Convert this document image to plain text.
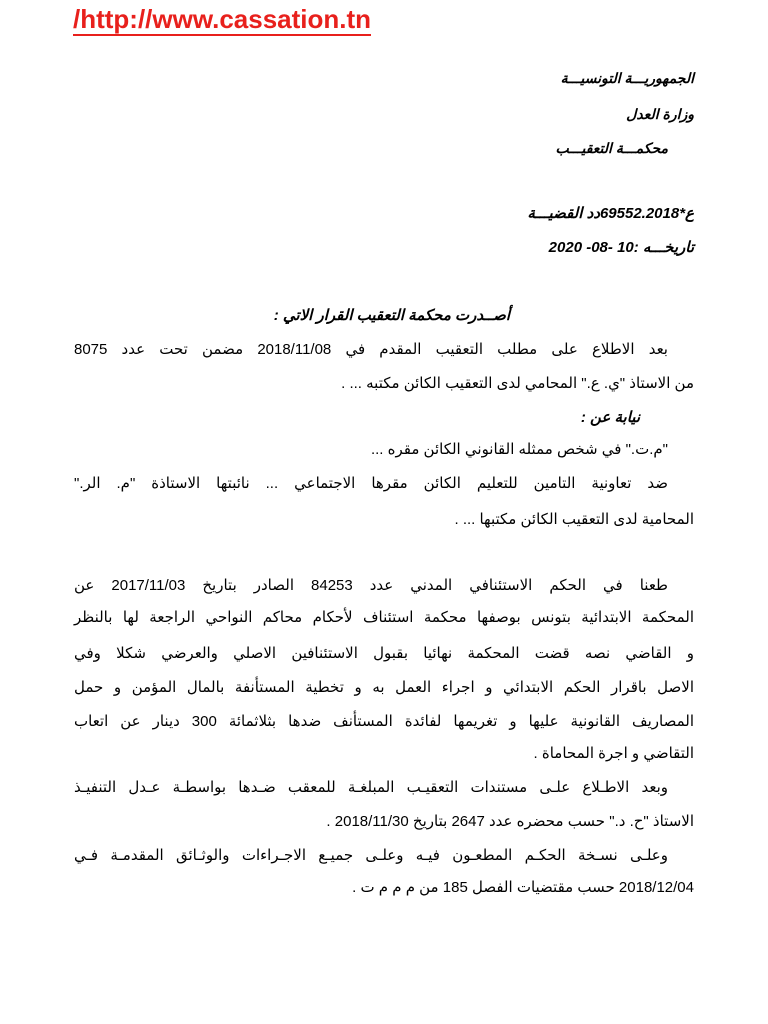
/http://www.cassation.tn
الجمهوريـــة التونسيـــة
وزارة العدل
محكمـــة التعقيـــب
ع*69552.2018دد القضيـــة
تاريخـــه :10 -08- 2020
أصــدرت محكمة التعقيب القرار الاتي :
بعد الاطلاع على مطلب التعقيب المقدم في 2018/11/08 مضمن تحت عدد 8075
من الاستاذ "ي. ع." المحامي لدى التعقيب الكائن مكتبه ... .
نيابة عن :
"م.ت." في شخص ممثله القانوني الكائن مقره ...
ضد تعاونية التامين للتعليم الكائن مقرها الاجتماعي ... نائبتها الاستاذة "م. الر."
المحامية لدى التعقيب الكائن مكتبها ... .
طعنا في الحكم الاستئنافي المدني عدد 84253 الصادر بتاريخ 2017/11/03 عن
المحكمة الابتدائية بتونس بوصفها محكمة استئناف لأحكام محاكم النواحي الراجعة لها بالنظر
و القاضي نصه قضت المحكمة نهائيا بقبول الاستئنافين الاصلي والعرضي شكلا وفي
الاصل باقرار الحكم الابتدائي و اجراء العمل به و تخطية المستأنفة بالمال المؤمن و حمل
المصاريف القانونية عليها و تغريمها لفائدة المستأنف ضدها بثلاثمائة 300 دينار عن اتعاب
التقاضي و اجرة المحاماة .
وبعد الاطـلاع علـى مستندات التعقيـب المبلغـة للمعقب ضـدها بواسطـة عـدل التنفيـذ
الاستاذ "ح. د." حسب محضره عدد 2647 بتاريخ 2018/11/30 .
وعلـى نسـخة الحكـم المطعـون فيـه وعلـى جميـع الاجـراءات والوثـائق المقدمـة فـي
2018/12/04 حسب مقتضيات الفصل 185 من م م م ت .
